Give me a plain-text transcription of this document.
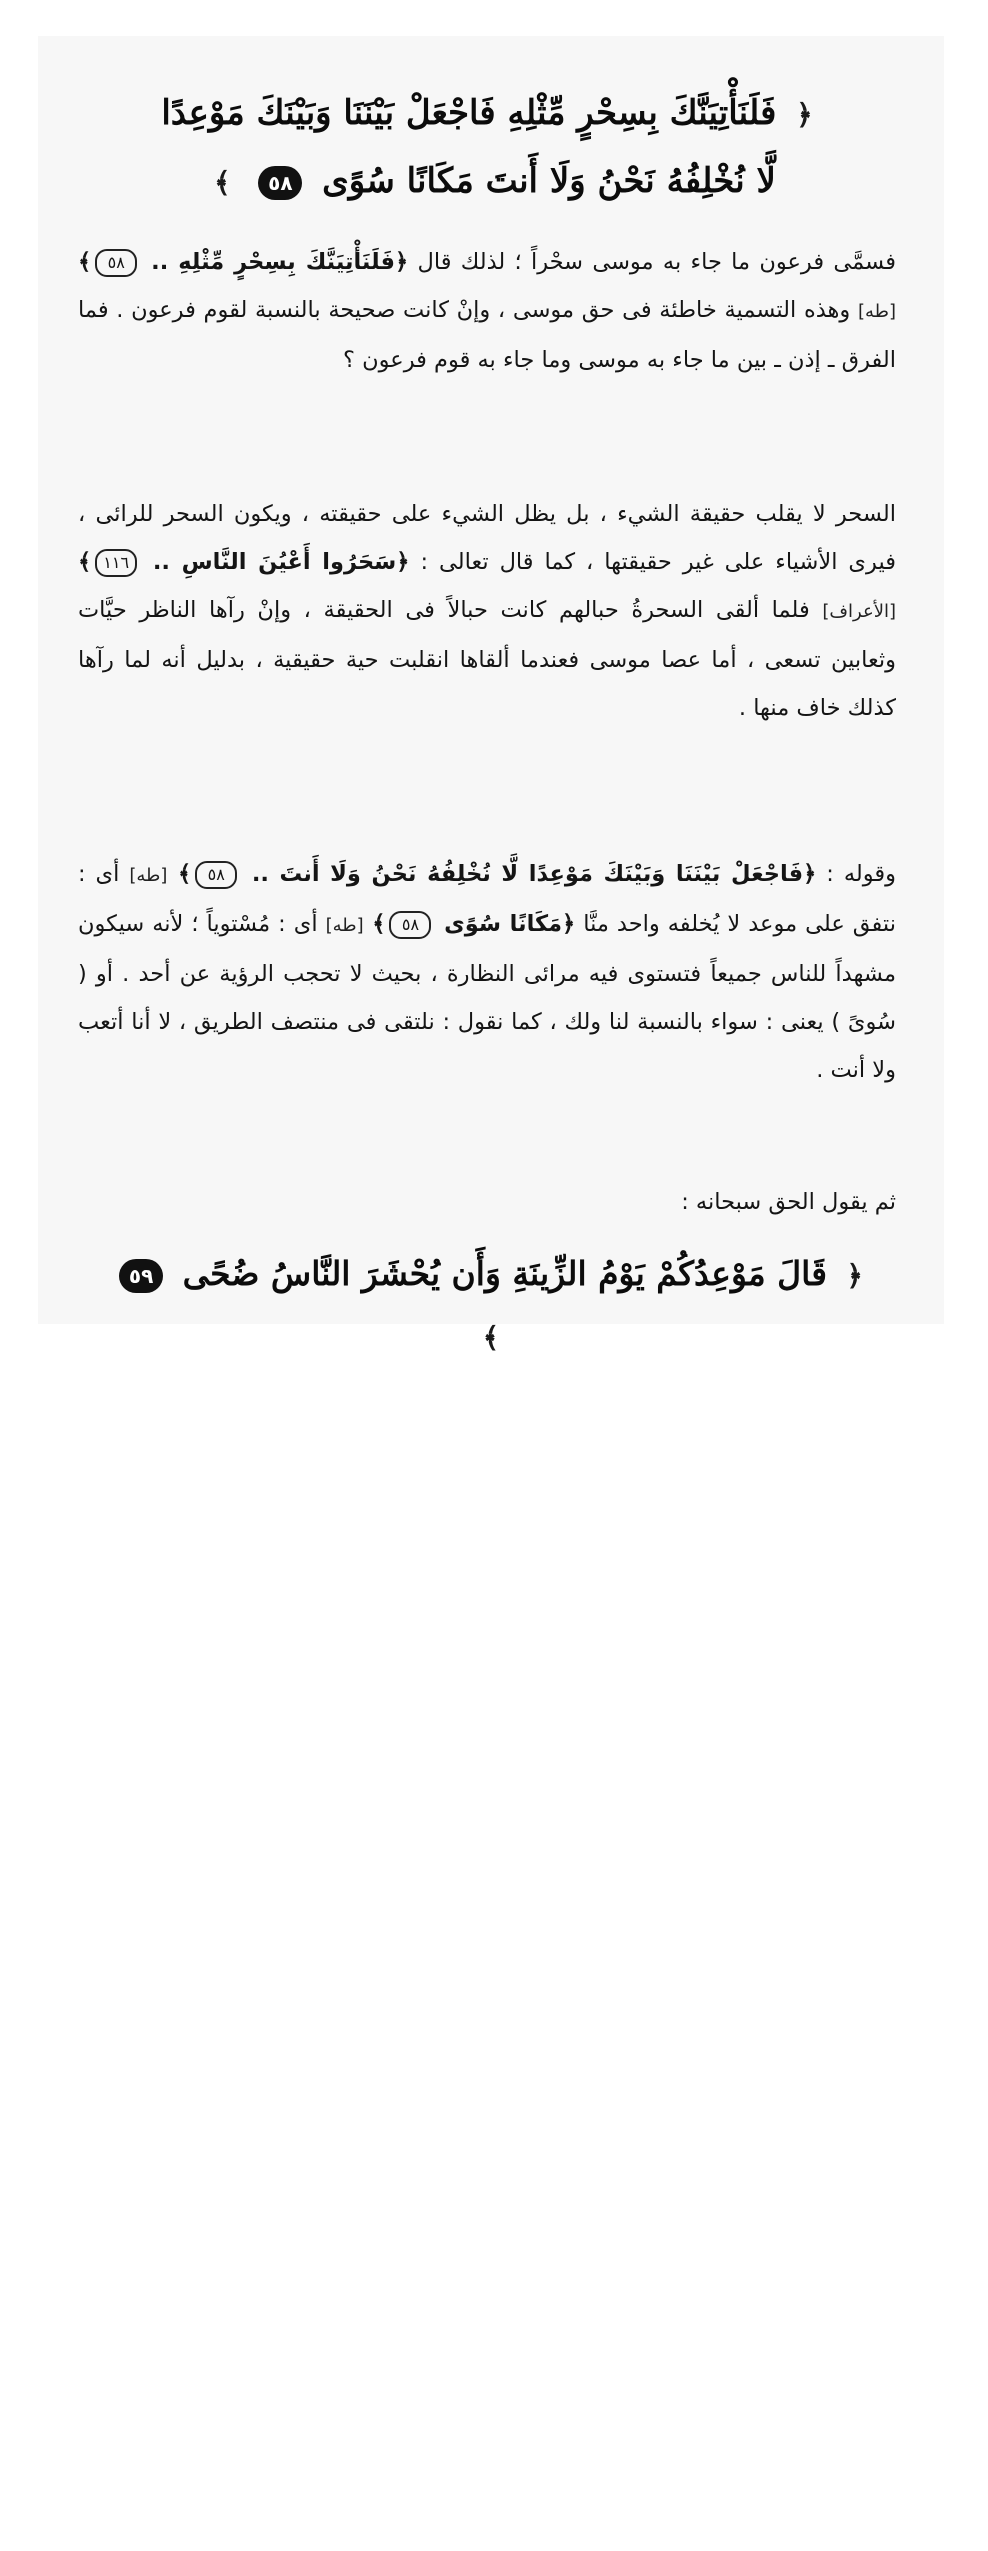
﴿ فَلَنَأْتِيَنَّكَ بِسِحْرٍ مِّثْلِهِ فَاجْعَلْ بَيْنَنَا وَبَيْنَكَ مَوْعِدًا
لَّا نُخْلِفُهُ نَحْنُ وَلَا أَنتَ مَكَانًا سُوًى ٥٨ ﴾
فسمَّى فرعون ما جاء به موسى سحْراً ؛ لذلك قال ﴿فَلَنَأْتِيَنَّكَ بِسِحْرٍ مِّثْلِهِ .. ٥٨﴾ [طه] وهذه التسمية خاطئة فى حق موسى ، وإنْ كانت صحيحة بالنسبة لقوم فرعون . فما الفرق ـ إذن ـ بين ما جاء به موسى وما جاء به قوم فرعون ؟
السحر لا يقلب حقيقة الشيء ، بل يظل الشيء على حقيقته ، ويكون السحر للرائى ، فيرى الأشياء على غير حقيقتها ، كما قال تعالى : ﴿سَحَرُوا أَعْيُنَ النَّاسِ .. ١١٦﴾ [الأعراف] فلما ألقى السحرةُ حبالهم كانت حبالاً فى الحقيقة ، وإنْ رآها الناظر حيَّات وثعابين تسعى ، أما عصا موسى فعندما ألقاها انقلبت حية حقيقية ، بدليل أنه لما رآها كذلك خاف منها .
وقوله : ﴿فَاجْعَلْ بَيْنَنَا وَبَيْنَكَ مَوْعِدًا لَّا نُخْلِفُهُ نَحْنُ وَلَا أَنتَ .. ٥٨﴾ [طه] أى : نتفق على موعد لا يُخلفه واحد منَّا ﴿مَكَانًا سُوًى ٥٨﴾ [طه] أى : مُسْتوياً ؛ لأنه سيكون مشهداً للناس جميعاً فتستوى فيه مرائى النظارة ، بحيث لا تحجب الرؤية عن أحد . أو ( سُوىً ) يعنى : سواء بالنسبة لنا ولك ، كما نقول : نلتقى فى منتصف الطريق ، لا أنا أتعب ولا أنت .
ثم يقول الحق سبحانه :
﴿ قَالَ مَوْعِدُكُمْ يَوْمُ الزِّينَةِ وَأَن يُحْشَرَ النَّاسُ ضُحًى ٥٩ ﴾
